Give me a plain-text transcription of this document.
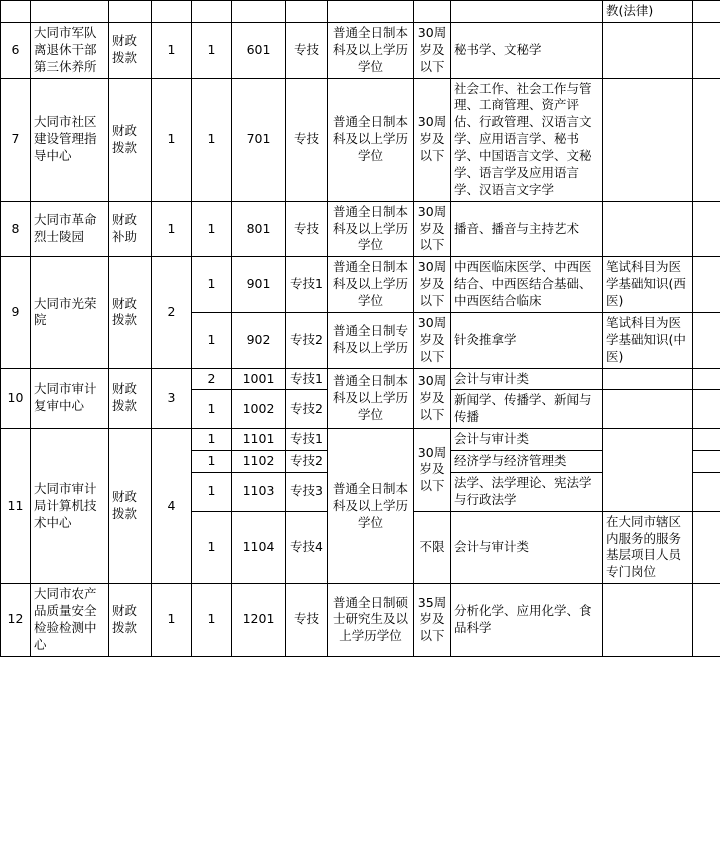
										教(法律)	
6	大同市军队离退休干部第三休养所	财政拨款	1	1	601	专技	普通全日制本科及以上学历学位	30周岁及以下	秘书学、文秘学		
7	大同市社区建设管理指导中心	财政拨款	1	1	701	专技	普通全日制本科及以上学历学位	30周岁及以下	社会工作、社会工作与管理、工商管理、资产评估、行政管理、汉语言文学、应用语言学、秘书学、中国语言文学、文秘学、语言学及应用语言学、汉语言文字学		
8	大同市革命烈士陵园	财政补助	1	1	801	专技	普通全日制本科及以上学历学位	30周岁及以下	播音、播音与主持艺术		
9	大同市光荣院	财政拨款	2	1	901	专技1	普通全日制本科及以上学历学位	30周岁及以下	中西医临床医学、中西医结合、中西医结合基础、中西医结合临床	笔试科目为医学基础知识(西医)	
				1	902	专技2	普通全日制专科及以上学历	30周岁及以下	针灸推拿学	笔试科目为医学基础知识(中医)	
10	大同市审计复审中心	财政拨款	3	2	1001	专技1	普通全日制本科及以上学历学位	30周岁及以下	会计与审计类		
				1	1002	专技2			新闻学、传播学、新闻与传播		
11	大同市审计局计算机技术中心	财政拨款	4	1	1101	专技1	普通全日制本科及以上学历学位	30周岁及以下	会计与审计类		
				1	1102	专技2			经济学与经济管理类		
				1	1103	专技3			法学、法学理论、宪法学与行政法学		
				1	1104	专技4		不限	会计与审计类	在大同市辖区内服务的服务基层项目人员专门岗位	
12	大同市农产品质量安全检验检测中心	财政拨款	1	1	1201	专技	普通全日制硕士研究生及以上学历学位	35周岁及以下	分析化学、应用化学、食品科学		
